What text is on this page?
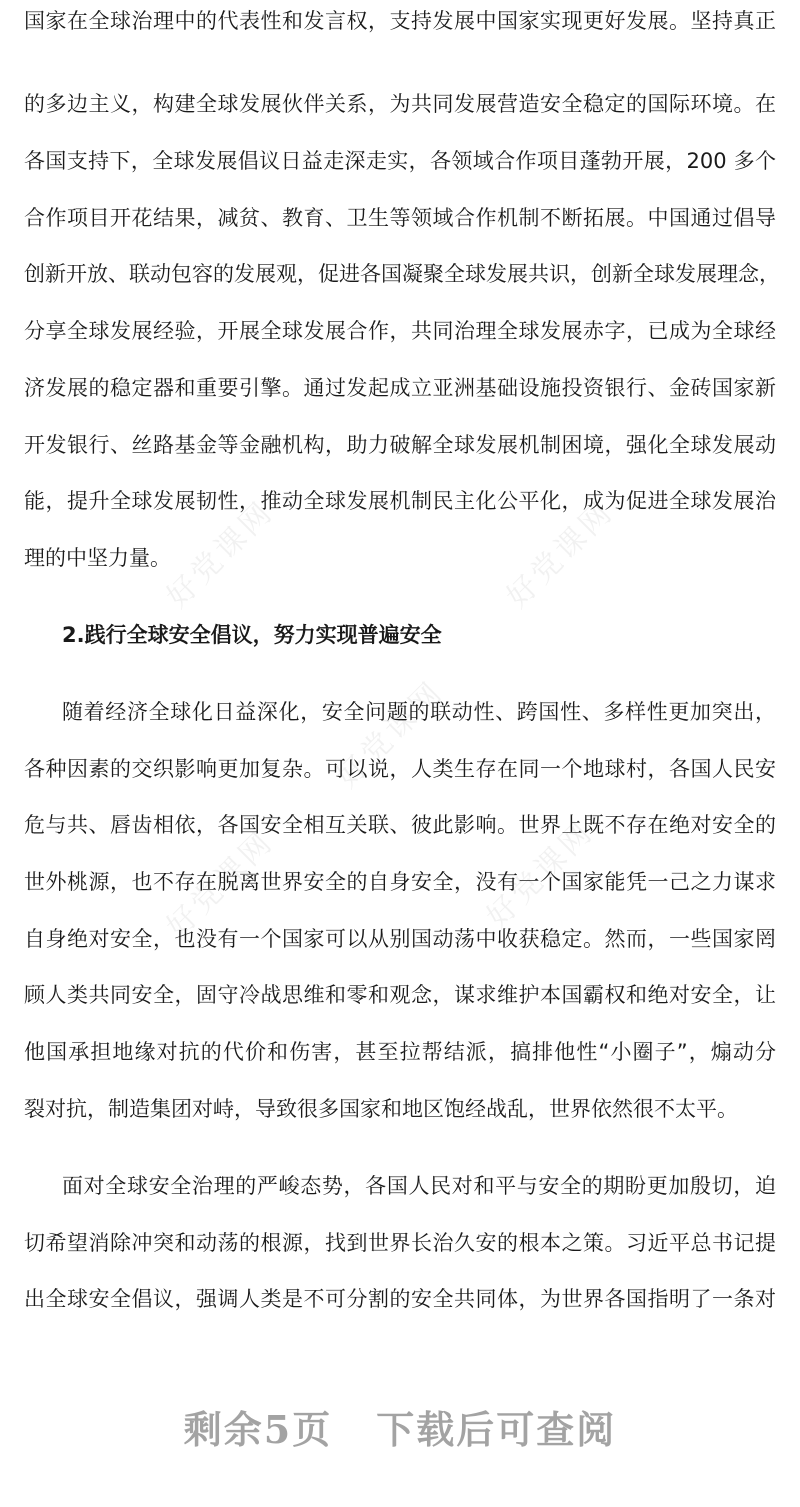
好党课网	好党课网
好党课网
好党课网	好党课网
国家在全球治理中的代表性和发言权，支持发展中国家实现更好发展。坚持真正
的多边主义，构建全球发展伙伴关系，为共同发展营造安全稳定的国际环境。在
各国支持下，全球发展倡议日益走深走实，各领域合作项目蓬勃开展，200 多个
合作项目开花结果，减贫、教育、卫生等领域合作机制不断拓展。中国通过倡导
创新开放、联动包容的发展观，促进各国凝聚全球发展共识，创新全球发展理念，
分享全球发展经验，开展全球发展合作，共同治理全球发展赤字，已成为全球经
济发展的稳定器和重要引擎。通过发起成立亚洲基础设施投资银行、金砖国家新
开发银行、丝路基金等金融机构，助力破解全球发展机制困境，强化全球发展动
能，提升全球发展韧性，推动全球发展机制民主化公平化，成为促进全球发展治
理的中坚力量。
2.践行全球安全倡议，努力实现普遍安全
随着经济全球化日益深化，安全问题的联动性、跨国性、多样性更加突出，
各种因素的交织影响更加复杂。可以说，人类生存在同一个地球村，各国人民安
危与共、唇齿相依，各国安全相互关联、彼此影响。世界上既不存在绝对安全的
世外桃源，也不存在脱离世界安全的自身安全，没有一个国家能凭一己之力谋求
自身绝对安全，也没有一个国家可以从别国动荡中收获稳定。然而，一些国家罔
顾人类共同安全，固守冷战思维和零和观念，谋求维护本国霸权和绝对安全，让
他国承担地缘对抗的代价和伤害，甚至拉帮结派，搞排他性“小圈子”，煽动分
裂对抗，制造集团对峙，导致很多国家和地区饱经战乱，世界依然很不太平。
面对全球安全治理的严峻态势，各国人民对和平与安全的期盼更加殷切，迫
切希望消除冲突和动荡的根源，找到世界长治久安的根本之策。习近平总书记提
出全球安全倡议，强调人类是不可分割的安全共同体，为世界各国指明了一条对
剩余5页 下载后可查阅
